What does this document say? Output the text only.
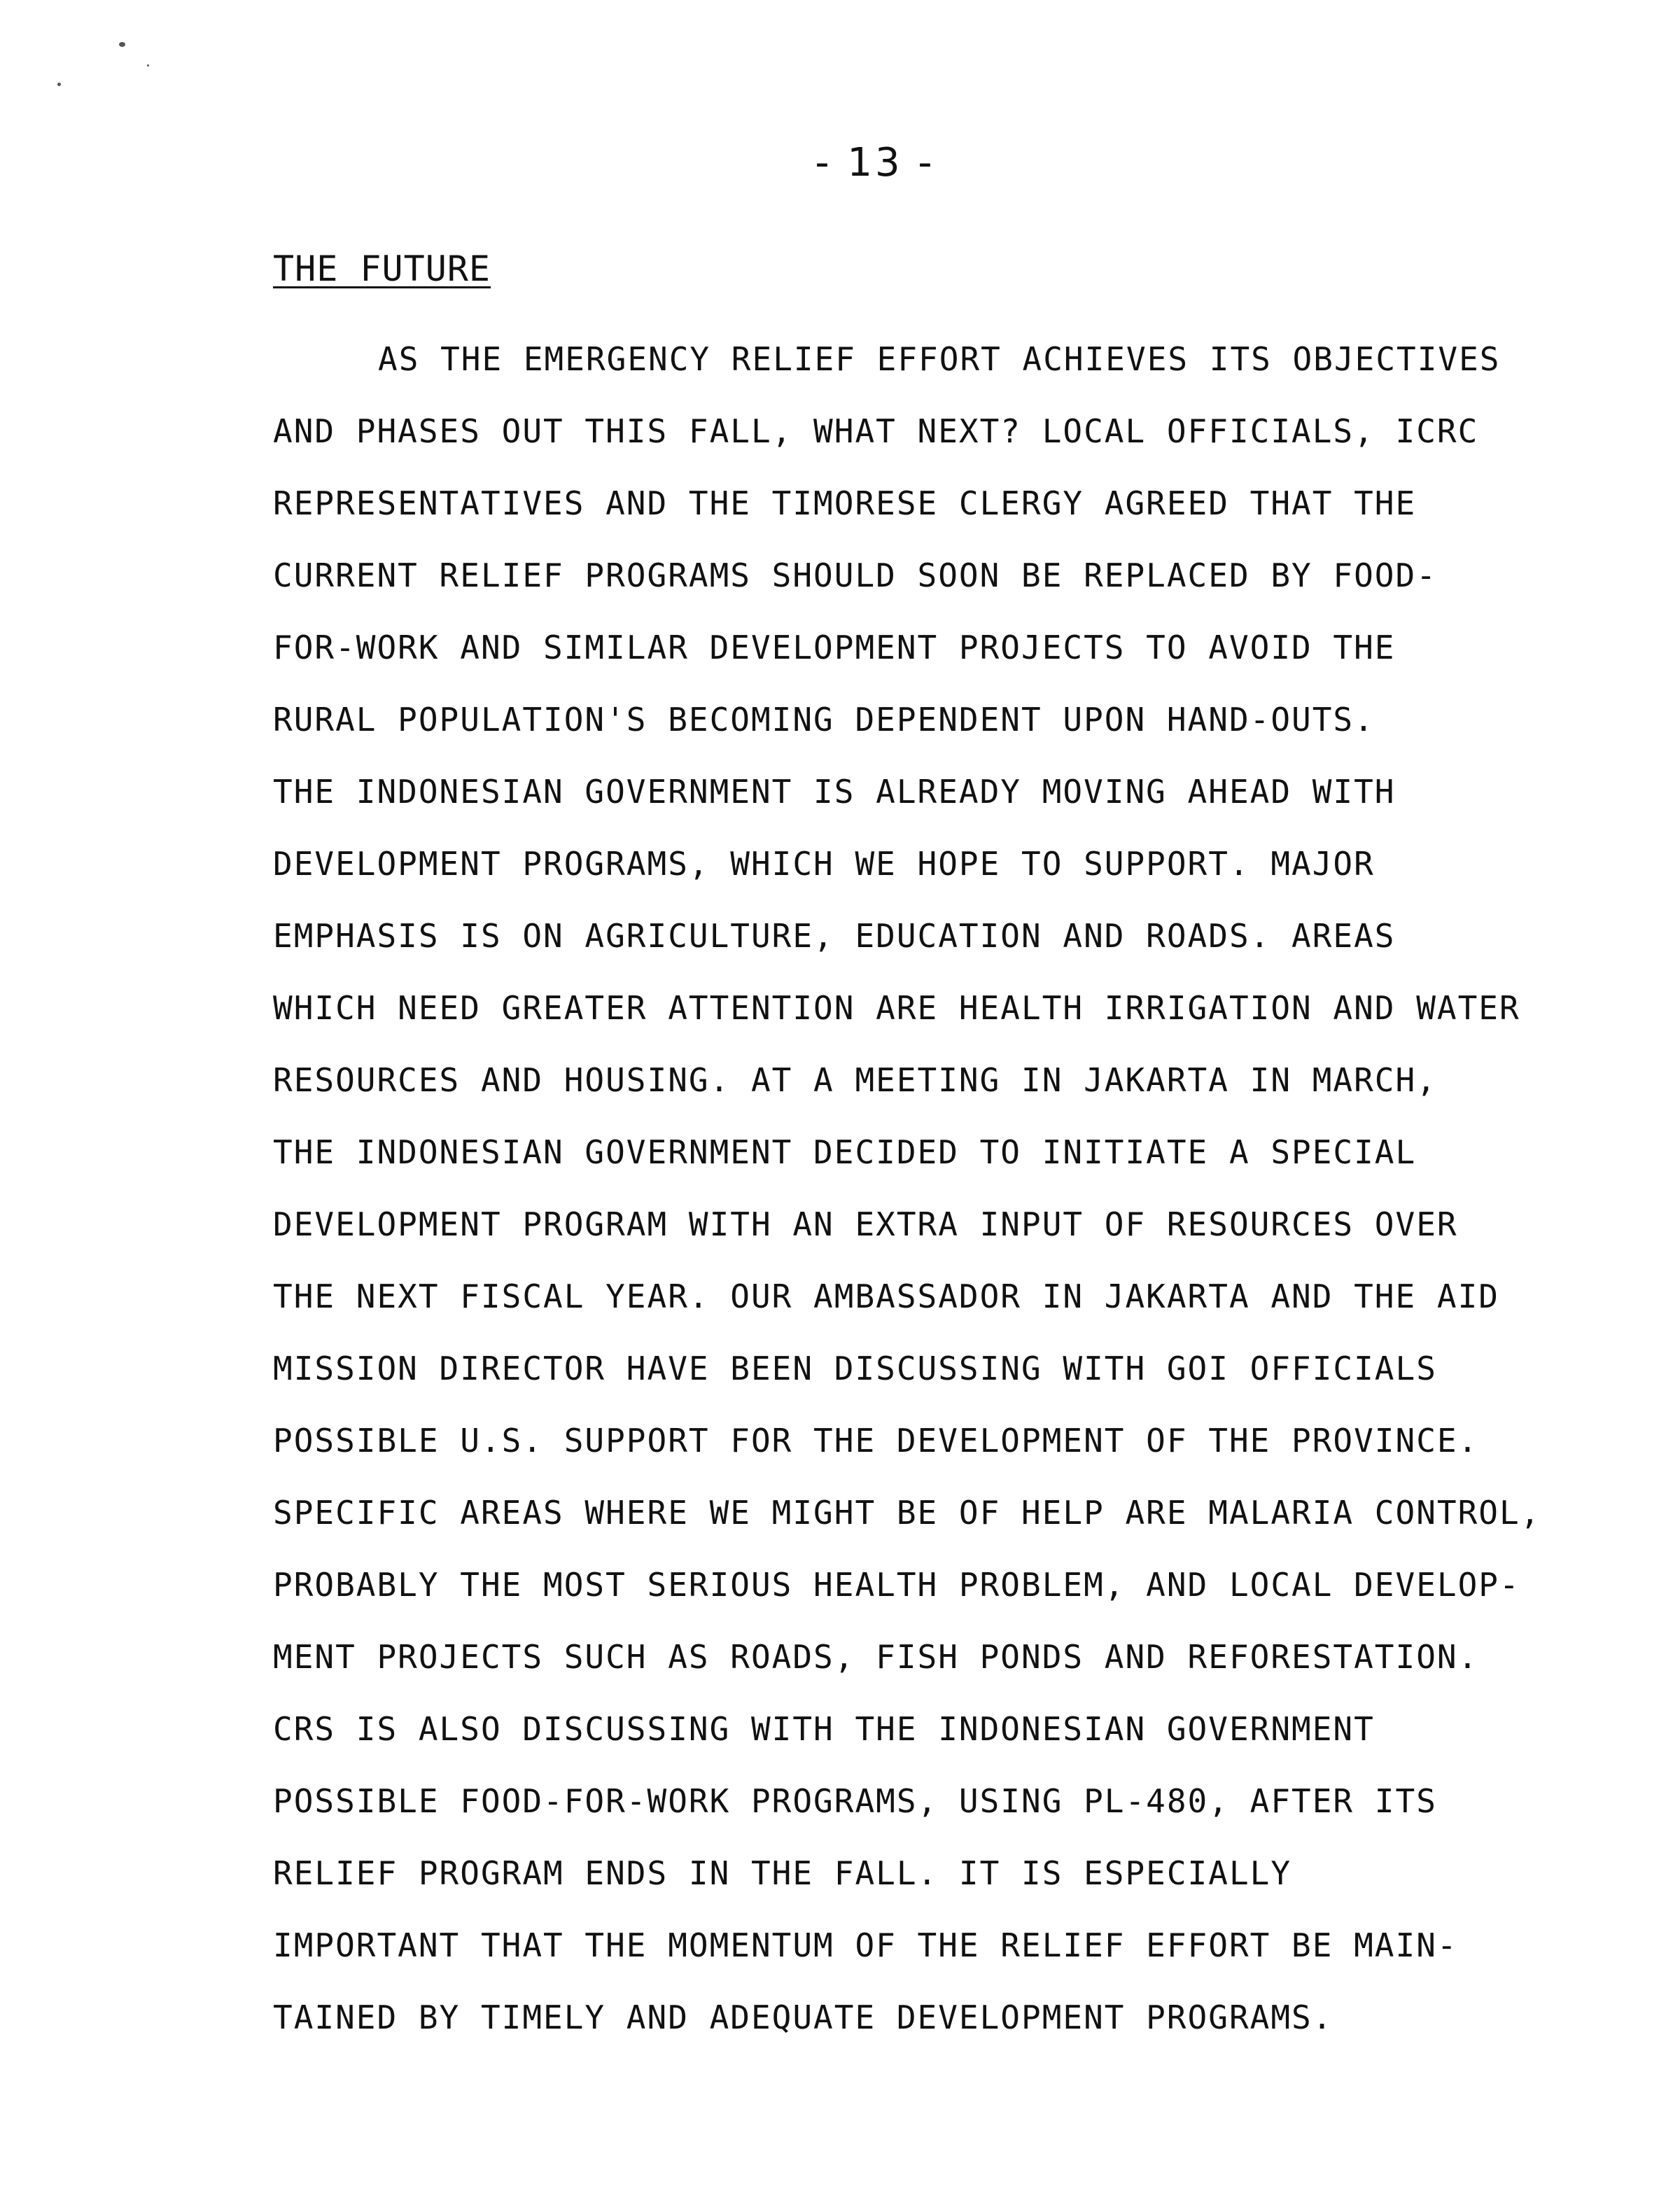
- 13 -
THE FUTURE
AS THE EMERGENCY RELIEF EFFORT ACHIEVES ITS OBJECTIVES
AND PHASES OUT THIS FALL, WHAT NEXT? LOCAL OFFICIALS, ICRC
REPRESENTATIVES AND THE TIMORESE CLERGY AGREED THAT THE
CURRENT RELIEF PROGRAMS SHOULD SOON BE REPLACED BY FOOD-
FOR-WORK AND SIMILAR DEVELOPMENT PROJECTS TO AVOID THE
RURAL POPULATION'S BECOMING DEPENDENT UPON HAND-OUTS.
THE INDONESIAN GOVERNMENT IS ALREADY MOVING AHEAD WITH
DEVELOPMENT PROGRAMS, WHICH WE HOPE TO SUPPORT. MAJOR
EMPHASIS IS ON AGRICULTURE, EDUCATION AND ROADS. AREAS
WHICH NEED GREATER ATTENTION ARE HEALTH IRRIGATION AND WATER
RESOURCES AND HOUSING. AT A MEETING IN JAKARTA IN MARCH,
THE INDONESIAN GOVERNMENT DECIDED TO INITIATE A SPECIAL
DEVELOPMENT PROGRAM WITH AN EXTRA INPUT OF RESOURCES OVER
THE NEXT FISCAL YEAR. OUR AMBASSADOR IN JAKARTA AND THE AID
MISSION DIRECTOR HAVE BEEN DISCUSSING WITH GOI OFFICIALS
POSSIBLE U.S. SUPPORT FOR THE DEVELOPMENT OF THE PROVINCE.
SPECIFIC AREAS WHERE WE MIGHT BE OF HELP ARE MALARIA CONTROL,
PROBABLY THE MOST SERIOUS HEALTH PROBLEM, AND LOCAL DEVELOP-
MENT PROJECTS SUCH AS ROADS, FISH PONDS AND REFORESTATION.
CRS IS ALSO DISCUSSING WITH THE INDONESIAN GOVERNMENT
POSSIBLE FOOD-FOR-WORK PROGRAMS, USING PL-480, AFTER ITS
RELIEF PROGRAM ENDS IN THE FALL. IT IS ESPECIALLY
IMPORTANT THAT THE MOMENTUM OF THE RELIEF EFFORT BE MAIN-
TAINED BY TIMELY AND ADEQUATE DEVELOPMENT PROGRAMS.
